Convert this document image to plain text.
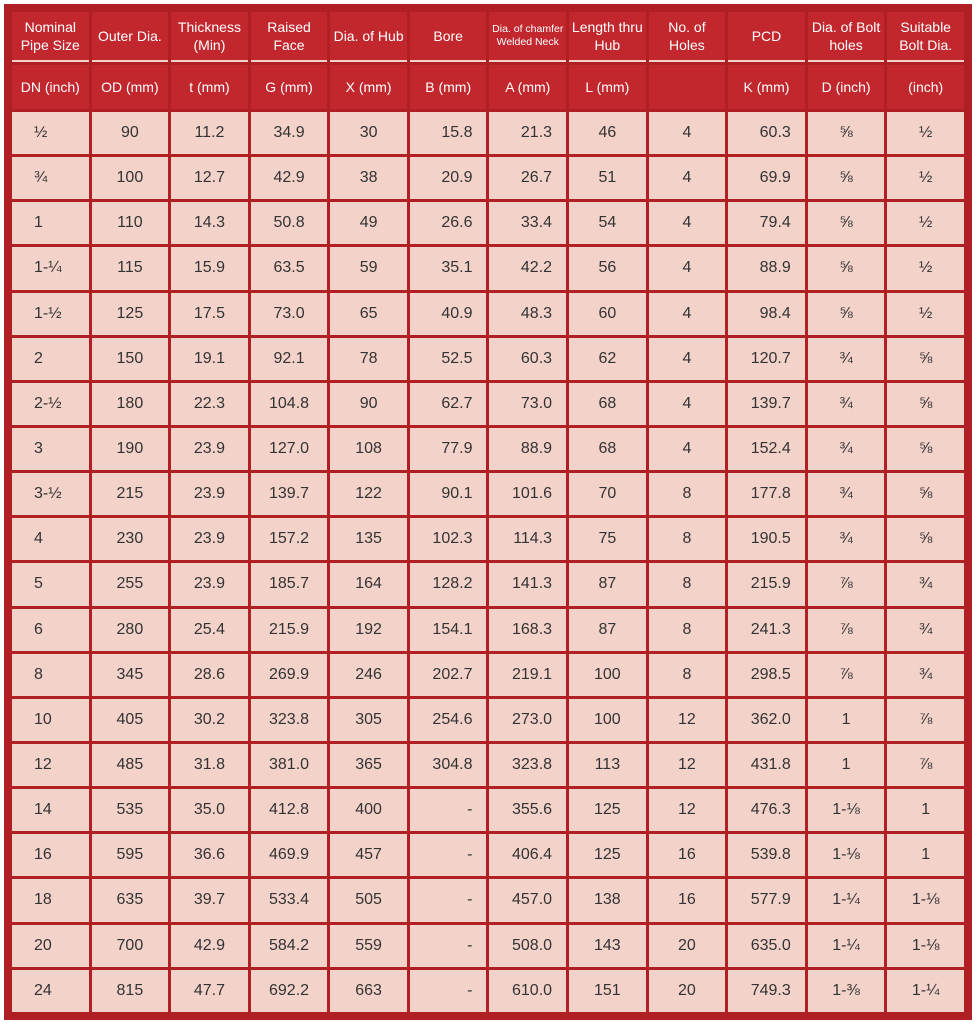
Nominal Pipe Size	Outer Dia.	Thickness (Min)	Raised Face	Dia. of Hub	Bore	Dia. of chamfer Welded Neck	Length thru Hub	No. of Holes	PCD	Dia. of Bolt holes	Suitable Bolt Dia.
DN (inch)	OD (mm)	t (mm)	G (mm)	X (mm)	B (mm)	A (mm)	L (mm)		K (mm)	D (inch)	(inch)
½	90	11.2	34.9	30	15.8	21.3	46	4	60.3	⅝	½
¾	100	12.7	42.9	38	20.9	26.7	51	4	69.9	⅝	½
1	110	14.3	50.8	49	26.6	33.4	54	4	79.4	⅝	½
1-¼	115	15.9	63.5	59	35.1	42.2	56	4	88.9	⅝	½
1-½	125	17.5	73.0	65	40.9	48.3	60	4	98.4	⅝	½
2	150	19.1	92.1	78	52.5	60.3	62	4	120.7	¾	⅝
2-½	180	22.3	104.8	90	62.7	73.0	68	4	139.7	¾	⅝
3	190	23.9	127.0	108	77.9	88.9	68	4	152.4	¾	⅝
3-½	215	23.9	139.7	122	90.1	101.6	70	8	177.8	¾	⅝
4	230	23.9	157.2	135	102.3	114.3	75	8	190.5	¾	⅝
5	255	23.9	185.7	164	128.2	141.3	87	8	215.9	⅞	¾
6	280	25.4	215.9	192	154.1	168.3	87	8	241.3	⅞	¾
8	345	28.6	269.9	246	202.7	219.1	100	8	298.5	⅞	¾
10	405	30.2	323.8	305	254.6	273.0	100	12	362.0	1	⅞
12	485	31.8	381.0	365	304.8	323.8	113	12	431.8	1	⅞
14	535	35.0	412.8	400	-	355.6	125	12	476.3	1-⅛	1
16	595	36.6	469.9	457	-	406.4	125	16	539.8	1-⅛	1
18	635	39.7	533.4	505	-	457.0	138	16	577.9	1-¼	1-⅛
20	700	42.9	584.2	559	-	508.0	143	20	635.0	1-¼	1-⅛
24	815	47.7	692.2	663	-	610.0	151	20	749.3	1-⅜	1-¼
